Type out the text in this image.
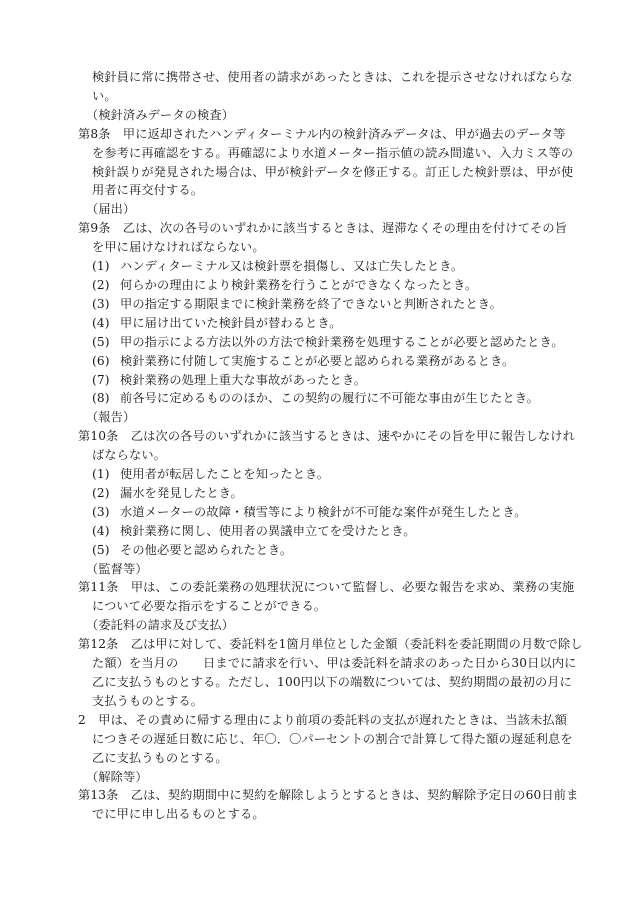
検針員に常に携帯させ、使用者の請求があったときは、これを提示させなければならな
い。
（検針済みデータの検査）
第8条　甲に返却されたハンディターミナル内の検針済みデータは、甲が過去のデータ等
を参考に再確認をする。再確認により水道メーター指示値の読み間違い、入力ミス等の
検針誤りが発見された場合は、甲が検針データを修正する。訂正した検針票は、甲が使
用者に再交付する。
（届出）
第9条　乙は、次の各号のいずれかに該当するときは、遅滞なくその理由を付けてその旨
を甲に届けなければならない。
(1) ハンディターミナル又は検針票を損傷し、又は亡失したとき。
(2) 何らかの理由により検針業務を行うことができなくなったとき。
(3) 甲の指定する期限までに検針業務を終了できないと判断されたとき。
(4) 甲に届け出ていた検針員が替わるとき。
(5) 甲の指示による方法以外の方法で検針業務を処理することが必要と認めたとき。
(6) 検針業務に付随して実施することが必要と認められる業務があるとき。
(7) 検針業務の処理上重大な事故があったとき。
(8) 前各号に定めるもののほか、この契約の履行に不可能な事由が生じたとき。
（報告）
第10条　乙は次の各号のいずれかに該当するときは、速やかにその旨を甲に報告しなけれ
ばならない。
(1) 使用者が転居したことを知ったとき。
(2) 漏水を発見したとき。
(3) 水道メーターの故障・積雪等により検針が不可能な案件が発生したとき。
(4) 検針業務に関し、使用者の異議申立てを受けたとき。
(5) その他必要と認められたとき。
（監督等）
第11条　甲は、この委託業務の処理状況について監督し、必要な報告を求め、業務の実施
について必要な指示をすることができる。
（委託料の請求及び支払）
第12条　乙は甲に対して、委託料を1箇月単位とした金額（委託料を委託期間の月数で除し
た額）を当月の　　日までに請求を行い、甲は委託料を請求のあった日から30日以内に
乙に支払うものとする。ただし、100円以下の端数については、契約期間の最初の月に
支払うものとする。
2　甲は、その責めに帰する理由により前項の委託料の支払が遅れたときは、当該未払額
につきその遅延日数に応じ、年〇．〇パーセントの割合で計算して得た額の遅延利息を
乙に支払うものとする。
（解除等）
第13条　乙は、契約期間中に契約を解除しようとするときは、契約解除予定日の60日前ま
でに甲に申し出るものとする。
